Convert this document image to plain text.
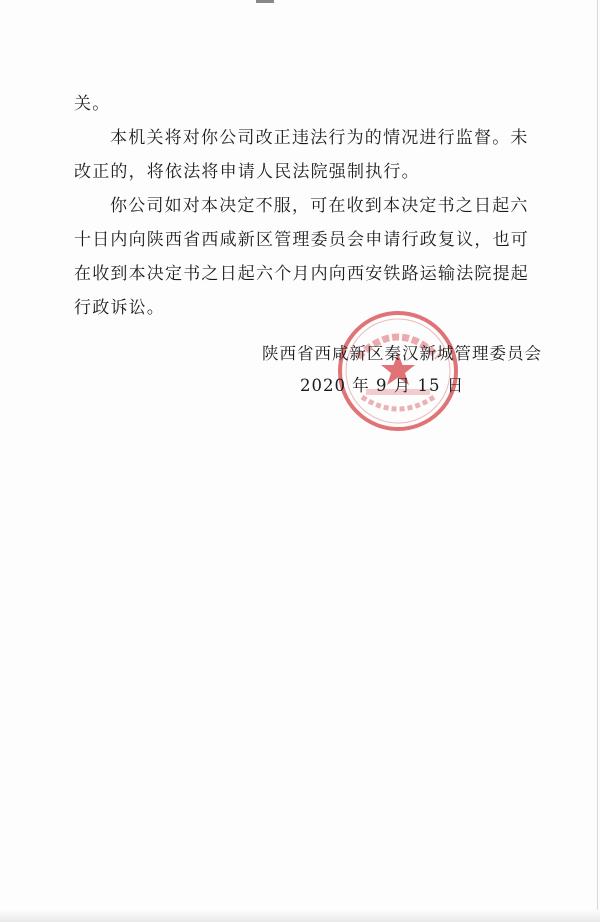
关。

本机关将对你公司改正违法行为的情况进行监督。未改正的，将依法将申请人民法院强制执行。

你公司如对本决定不服，可在收到本决定书之日起六十日内向陕西省西咸新区管理委员会申请行政复议，也可在收到本决定书之日起六个月内向西安铁路运输法院提起行政诉讼。

陕西省西咸新区秦汉新城管理委员会
2020 年 9 月 15 日
